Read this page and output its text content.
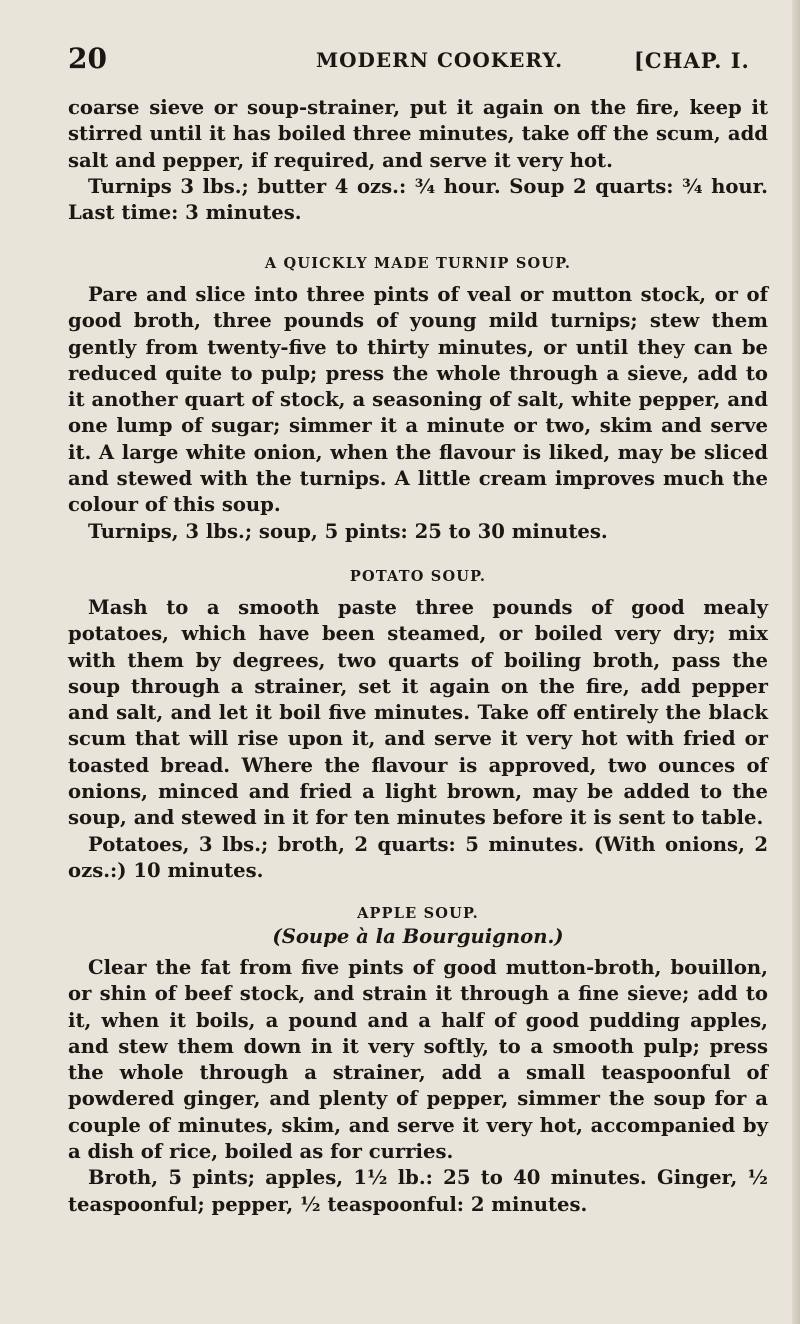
20	MODERN COOKERY.	[CHAP. I.

coarse sieve or soup-strainer, put it again on the fire, keep it stirred until it has boiled three minutes, take off the scum, add salt and pepper, if required, and serve it very hot.

Turnips 3 lbs.; butter 4 ozs.: ¾ hour. Soup 2 quarts: ¾ hour. Last time: 3 minutes.

A QUICKLY MADE TURNIP SOUP.

Pare and slice into three pints of veal or mutton stock, or of good broth, three pounds of young mild turnips; stew them gently from twenty-five to thirty minutes, or until they can be reduced quite to pulp; press the whole through a sieve, add to it another quart of stock, a seasoning of salt, white pepper, and one lump of sugar; simmer it a minute or two, skim and serve it. A large white onion, when the flavour is liked, may be sliced and stewed with the turnips. A little cream improves much the colour of this soup.

Turnips, 3 lbs.; soup, 5 pints: 25 to 30 minutes.

POTATO SOUP.

Mash to a smooth paste three pounds of good mealy potatoes, which have been steamed, or boiled very dry; mix with them by degrees, two quarts of boiling broth, pass the soup through a strainer, set it again on the fire, add pepper and salt, and let it boil five minutes. Take off entirely the black scum that will rise upon it, and serve it very hot with fried or toasted bread. Where the flavour is approved, two ounces of onions, minced and fried a light brown, may be added to the soup, and stewed in it for ten minutes before it is sent to table.

Potatoes, 3 lbs.; broth, 2 quarts: 5 minutes. (With onions, 2 ozs.:) 10 minutes.

APPLE SOUP.

(Soupe à la Bourguignon.)

Clear the fat from five pints of good mutton-broth, bouillon, or shin of beef stock, and strain it through a fine sieve; add to it, when it boils, a pound and a half of good pudding apples, and stew them down in it very softly, to a smooth pulp; press the whole through a strainer, add a small teaspoonful of powdered ginger, and plenty of pepper, simmer the soup for a couple of minutes, skim, and serve it very hot, accompanied by a dish of rice, boiled as for curries.

Broth, 5 pints; apples, 1½ lb.: 25 to 40 minutes. Ginger, ½ teaspoonful; pepper, ½ teaspoonful: 2 minutes.
